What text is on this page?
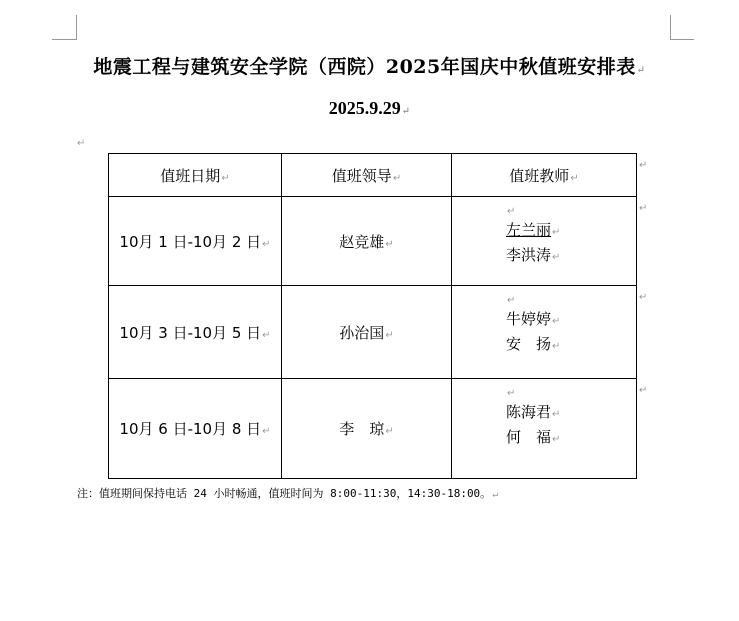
地震工程与建筑安全学院（西院）2025年国庆中秋值班安排表↵
2025.9.29↵
↵
值班日期↵	值班领导↵	值班教师↵
10月 1 日-10月 2 日↵	赵竞雄↵	↵
左兰丽↵
李洪涛↵

10月 3 日-10月 5 日↵	孙治国↵	↵
牛婷婷↵
安　扬↵

10月 6 日-10月 8 日↵	李　琼↵	↵
陈海君↵
何　福↵
↵
↵
↵
↵
注：值班期间保持电话 24 小时畅通，值班时间为 8:00-11:30，14:30-18:00。↵
